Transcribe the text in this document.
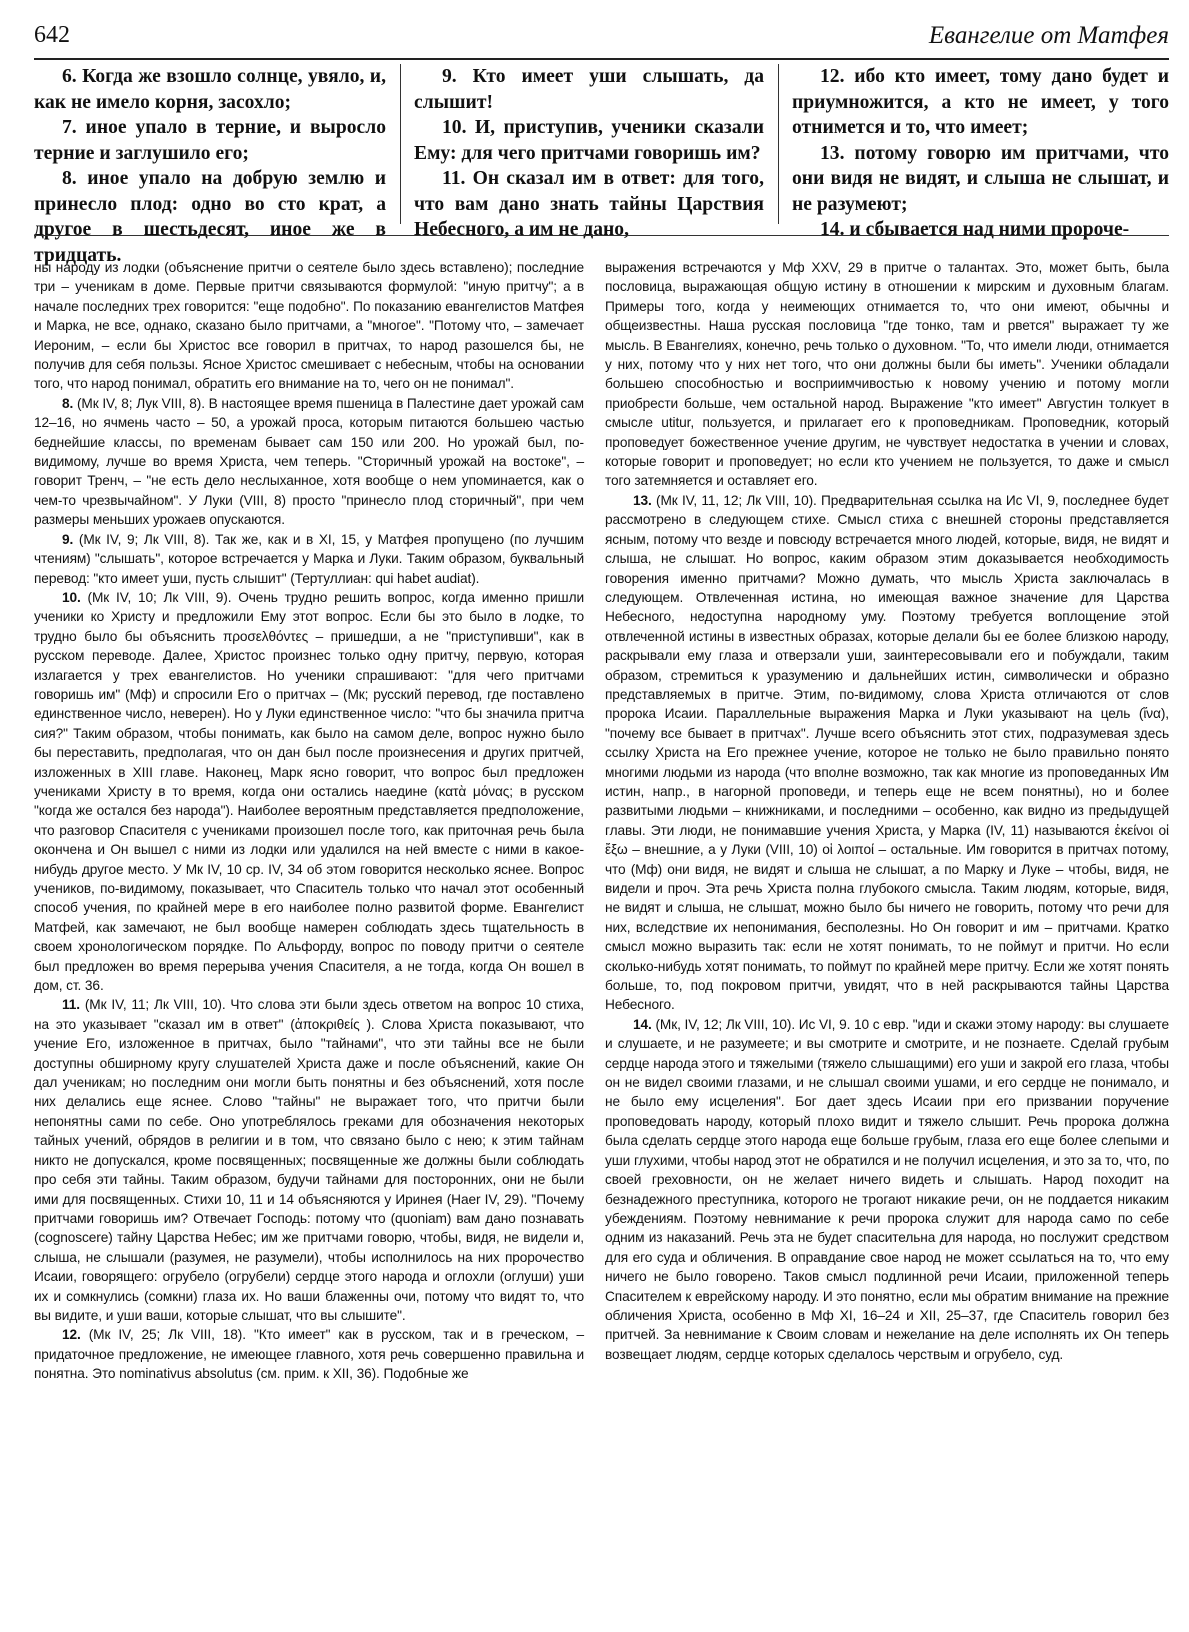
642	Евангелие от Матфея

6. Когда же взошло солнце, увяло, и, как не имело корня, засохло;

7. иное упало в терние, и выросло терние и заглушило его;

8. иное упало на добрую землю и принесло плод: одно во сто крат, а другое в шестьдесят, иное же в тридцать.

9. Кто имеет уши слышать, да слышит!

10. И, приступив, ученики сказали Ему: для чего притчами говоришь им?

11. Он сказал им в ответ: для того, что вам дано знать тайны Царствия Небесного, а им не дано,

12. ибо кто имеет, тому дано будет и приумножится, а кто не имеет, у того отнимется и то, что имеет;

13. потому говорю им притчами, что они видя не видят, и слыша не слышат, и не разумеют;

14. и сбывается над ними пророче-

ны народу из лодки (объяснение притчи о сеятеле было здесь вставлено); последние три – ученикам в доме. Первые притчи связываются формулой: "иную притчу"; а в начале последних трех говорится: "еще подобно". По показанию евангелистов Матфея и Марка, не все, однако, сказано было притчами, а "многое". "Потому что, – замечает Иероним, – если бы Христос все говорил в притчах, то народ разошелся бы, не получив для себя пользы. Ясное Христос смешивает с небесным, чтобы на основании того, что народ понимал, обратить его внимание на то, чего он не понимал".

8. (Мк IV, 8; Лук VIII, 8). В настоящее время пшеница в Палестине дает урожай сам 12–16, но ячмень часто – 50, а урожай проса, которым питаются большею частью беднейшие классы, по временам бывает сам 150 или 200. Но урожай был, по-видимому, лучше во время Христа, чем теперь. "Сторичный урожай на востоке", – говорит Тренч, – "не есть дело неслыханное, хотя вообще о нем упоминается, как о чем-то чрезвычайном". У Луки (VIII, 8) просто "принесло плод сторичный", при чем размеры меньших урожаев опускаются.

9. (Мк IV, 9; Лк VIII, 8). Так же, как и в XI, 15, у Матфея пропущено (по лучшим чтениям) "слышать", которое встречается у Марка и Луки. Таким образом, буквальный перевод: "кто имеет уши, пусть слышит" (Тертуллиан: qui habet audiat).

10. (Мк IV, 10; Лк VIII, 9). Очень трудно решить вопрос, когда именно пришли ученики ко Христу и предложили Ему этот вопрос. Если бы это было в лодке, то трудно было бы объяснить προσελθόντες – пришедши, а не "приступивши", как в русском переводе. Далее, Христос произнес только одну притчу, первую, которая излагается у трех евангелистов. Но ученики спрашивают: "для чего притчами говоришь им" (Мф) и спросили Его о притчах – (Мк; русский перевод, где поставлено единственное число, неверен). Но у Луки единственное число: "что бы значила притча сия?" Таким образом, чтобы понимать, как было на самом деле, вопрос нужно было бы переставить, предполагая, что он дан был после произнесения и других притчей, изложенных в XIII главе. Наконец, Марк ясно говорит, что вопрос был предложен учениками Христу в то время, когда они остались наедине (κατὰ μόνας; в русском "когда же остался без народа"). Наиболее вероятным представляется предположение, что разговор Спасителя с учениками произошел после того, как приточная речь была окончена и Он вышел с ними из лодки или удалился на ней вместе с ними в какое-нибудь другое место. У Мк IV, 10 ср. IV, 34 об этом говорится несколько яснее. Вопрос учеников, по-видимому, показывает, что Спаситель только что начал этот особенный способ учения, по крайней мере в его наиболее полно развитой форме. Евангелист Матфей, как замечают, не был вообще намерен соблюдать здесь тщательность в своем хронологическом порядке. По Альфорду, вопрос по поводу притчи о сеятеле был предложен во время перерыва учения Спасителя, а не тогда, когда Он вошел в дом, ст. 36.

11. (Мк IV, 11; Лк VIII, 10). Что слова эти были здесь ответом на вопрос 10 стиха, на это указывает "сказал им в ответ" (ἀποκριθείς ). Слова Христа показывают, что учение Его, изложенное в притчах, было "тайнами", что эти тайны все не были доступны обширному кругу слушателей Христа даже и после объяснений, какие Он дал ученикам; но последним они могли быть понятны и без объяснений, хотя после них делались еще яснее. Слово "тайны" не выражает того, что притчи были непонятны сами по себе. Оно употреблялось греками для обозначения некоторых тайных учений, обрядов в религии и в том, что связано было с нею; к этим тайнам никто не допускался, кроме посвященных; посвященные же должны были соблюдать про себя эти тайны. Таким образом, будучи тайнами для посторонних, они не были ими для посвященных. Стихи 10, 11 и 14 объясняются у Иринея (Haer IV, 29). "Почему притчами говоришь им? Отвечает Господь: потому что (quoniam) вам дано познавать (cognoscere) тайну Царства Небес; им же притчами говорю, чтобы, видя, не видели и, слыша, не слышали (разумея, не разумели), чтобы исполнилось на них пророчество Исаии, говорящего: огрубело (огрубели) сердце этого народа и оглохли (оглуши) уши их и сомкнулись (сомкни) глаза их. Но ваши блаженны очи, потому что видят то, что вы видите, и уши ваши, которые слышат, что вы слышите".

12. (Мк IV, 25; Лк VIII, 18). "Кто имеет" как в русском, так и в греческом, – придаточное предложение, не имеющее главного, хотя речь совершенно правильна и понятна. Это nominativus absolutus (см. прим. к XII, 36). Подобные же

выражения встречаются у Мф XXV, 29 в притче о талантах. Это, может быть, была пословица, выражающая общую истину в отношении к мирским и духовным благам. Примеры того, когда у неимеющих отнимается то, что они имеют, обычны и общеизвестны. Наша русская пословица "где тонко, там и рвется" выражает ту же мысль. В Евангелиях, конечно, речь только о духовном. "То, что имели люди, отнимается у них, потому что у них нет того, что они должны были бы иметь". Ученики обладали большею способностью и восприимчивостью к новому учению и потому могли приобрести больше, чем остальной народ. Выражение "кто имеет" Августин толкует в смысле utitur, пользуется, и прилагает его к проповедникам. Проповедник, который проповедует божественное учение другим, не чувствует недостатка в учении и словах, которые говорит и проповедует; но если кто учением не пользуется, то даже и смысл того затемняется и оставляет его.

13. (Мк IV, 11, 12; Лк VIII, 10). Предварительная ссылка на Ис VI, 9, последнее будет рассмотрено в следующем стихе. Смысл стиха с внешней стороны представляется ясным, потому что везде и повсюду встречается много людей, которые, видя, не видят и слыша, не слышат. Но вопрос, каким образом этим доказывается необходимость говорения именно притчами? Можно думать, что мысль Христа заключалась в следующем. Отвлеченная истина, но имеющая важное значение для Царства Небесного, недоступна народному уму. Поэтому требуется воплощение этой отвлеченной истины в известных образах, которые делали бы ее более близкою народу, раскрывали ему глаза и отверзали уши, заинтересовывали его и побуждали, таким образом, стремиться к уразумению и дальнейших истин, символически и образно представляемых в притче. Этим, по-видимому, слова Христа отличаются от слов пророка Исаии. Параллельные выражения Марка и Луки указывают на цель (ἵνα), "почему все бывает в притчах". Лучше всего объяснить этот стих, подразумевая здесь ссылку Христа на Его прежнее учение, которое не только не было правильно понято многими людьми из народа (что вполне возможно, так как многие из проповеданных Им истин, напр., в нагорной проповеди, и теперь еще не всем понятны), но и более развитыми людьми – книжниками, и последними – особенно, как видно из предыдущей главы. Эти люди, не понимавшие учения Христа, у Марка (IV, 11) называются ἐκείνοι οἱ ἔξω – внешние, а у Луки (VIII, 10) οἱ λοιποί – остальные. Им говорится в притчах потому, что (Мф) они видя, не видят и слыша не слышат, а по Марку и Луке – чтобы, видя, не видели и проч. Эта речь Христа полна глубокого смысла. Таким людям, которые, видя, не видят и слыша, не слышат, можно было бы ничего не говорить, потому что речи для них, вследствие их непонимания, бесполезны. Но Он говорит и им – притчами. Кратко смысл можно выразить так: если не хотят понимать, то не поймут и притчи. Но если сколько-нибудь хотят понимать, то поймут по крайней мере притчу. Если же хотят понять больше, то, под покровом притчи, увидят, что в ней раскрываются тайны Царства Небесного.

14. (Мк, IV, 12; Лк VIII, 10). Ис VI, 9. 10 с евр. "иди и скажи этому народу: вы слушаете и слушаете, и не разумеете; и вы смотрите и смотрите, и не познаете. Сделай грубым сердце народа этого и тяжелыми (тяжело слышащими) его уши и закрой его глаза, чтобы он не видел своими глазами, и не слышал своими ушами, и его сердце не понимало, и не было ему исцеления". Бог дает здесь Исаии при его призвании поручение проповедовать народу, который плохо видит и тяжело слышит. Речь пророка должна была сделать сердце этого народа еще больше грубым, глаза его еще более слепыми и уши глухими, чтобы народ этот не обратился и не получил исцеления, и это за то, что, по своей греховности, он не желает ничего видеть и слышать. Народ походит на безнадежного преступника, которого не трогают никакие речи, он не поддается никаким убеждениям. Поэтому невнимание к речи пророка служит для народа само по себе одним из наказаний. Речь эта не будет спасительна для народа, но послужит средством для его суда и обличения. В оправдание свое народ не может ссылаться на то, что ему ничего не было говорено. Таков смысл подлинной речи Исаии, приложенной теперь Спасителем к еврейскому народу. И это понятно, если мы обратим внимание на прежние обличения Христа, особенно в Мф XI, 16–24 и XII, 25–37, где Спаситель говорил без притчей. За невнимание к Своим словам и нежелание на деле исполнять их Он теперь возвещает людям, сердце которых сделалось черствым и огрубело, суд.
